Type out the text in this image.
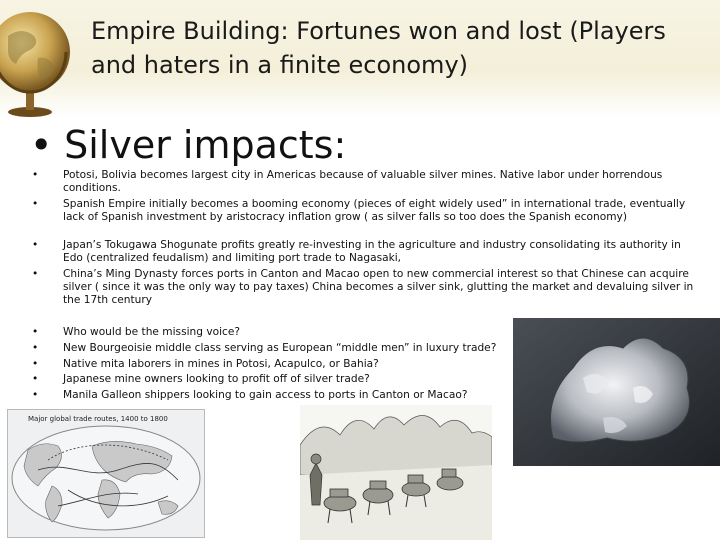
Empire Building: Fortunes won and lost (Players and haters in a finite economy)
• Silver impacts:
•	Potosi, Bolivia becomes largest city in Americas because of valuable silver mines. Native labor under horrendous conditions.
•	Spanish Empire initially becomes a booming economy (pieces of eight widely used” in international trade, eventually lack of Spanish investment by aristocracy inflation grow ( as silver falls so too does the Spanish economy)
•	Japan’s Tokugawa Shogunate profits greatly re-investing in the agriculture and industry consolidating its authority in Edo (centralized feudalism) and limiting port trade to Nagasaki,
•	China’s Ming Dynasty forces ports in Canton and Macao open to new commercial interest so that Chinese can acquire silver ( since it was the only way to pay taxes) China becomes a silver sink, glutting the market and devaluing silver in the 17th century
•	Who would be the missing voice?
•	New Bourgeoisie middle class serving as European “middle men” in luxury trade?
•	Native mita laborers in mines in Potosi, Acapulco, or Bahia?
•	Japanese mine owners looking to profit off of silver trade?
•	Manila Galleon shippers looking to gain access to ports in Canton or Macao?
Major global trade routes, 1400 to 1800
